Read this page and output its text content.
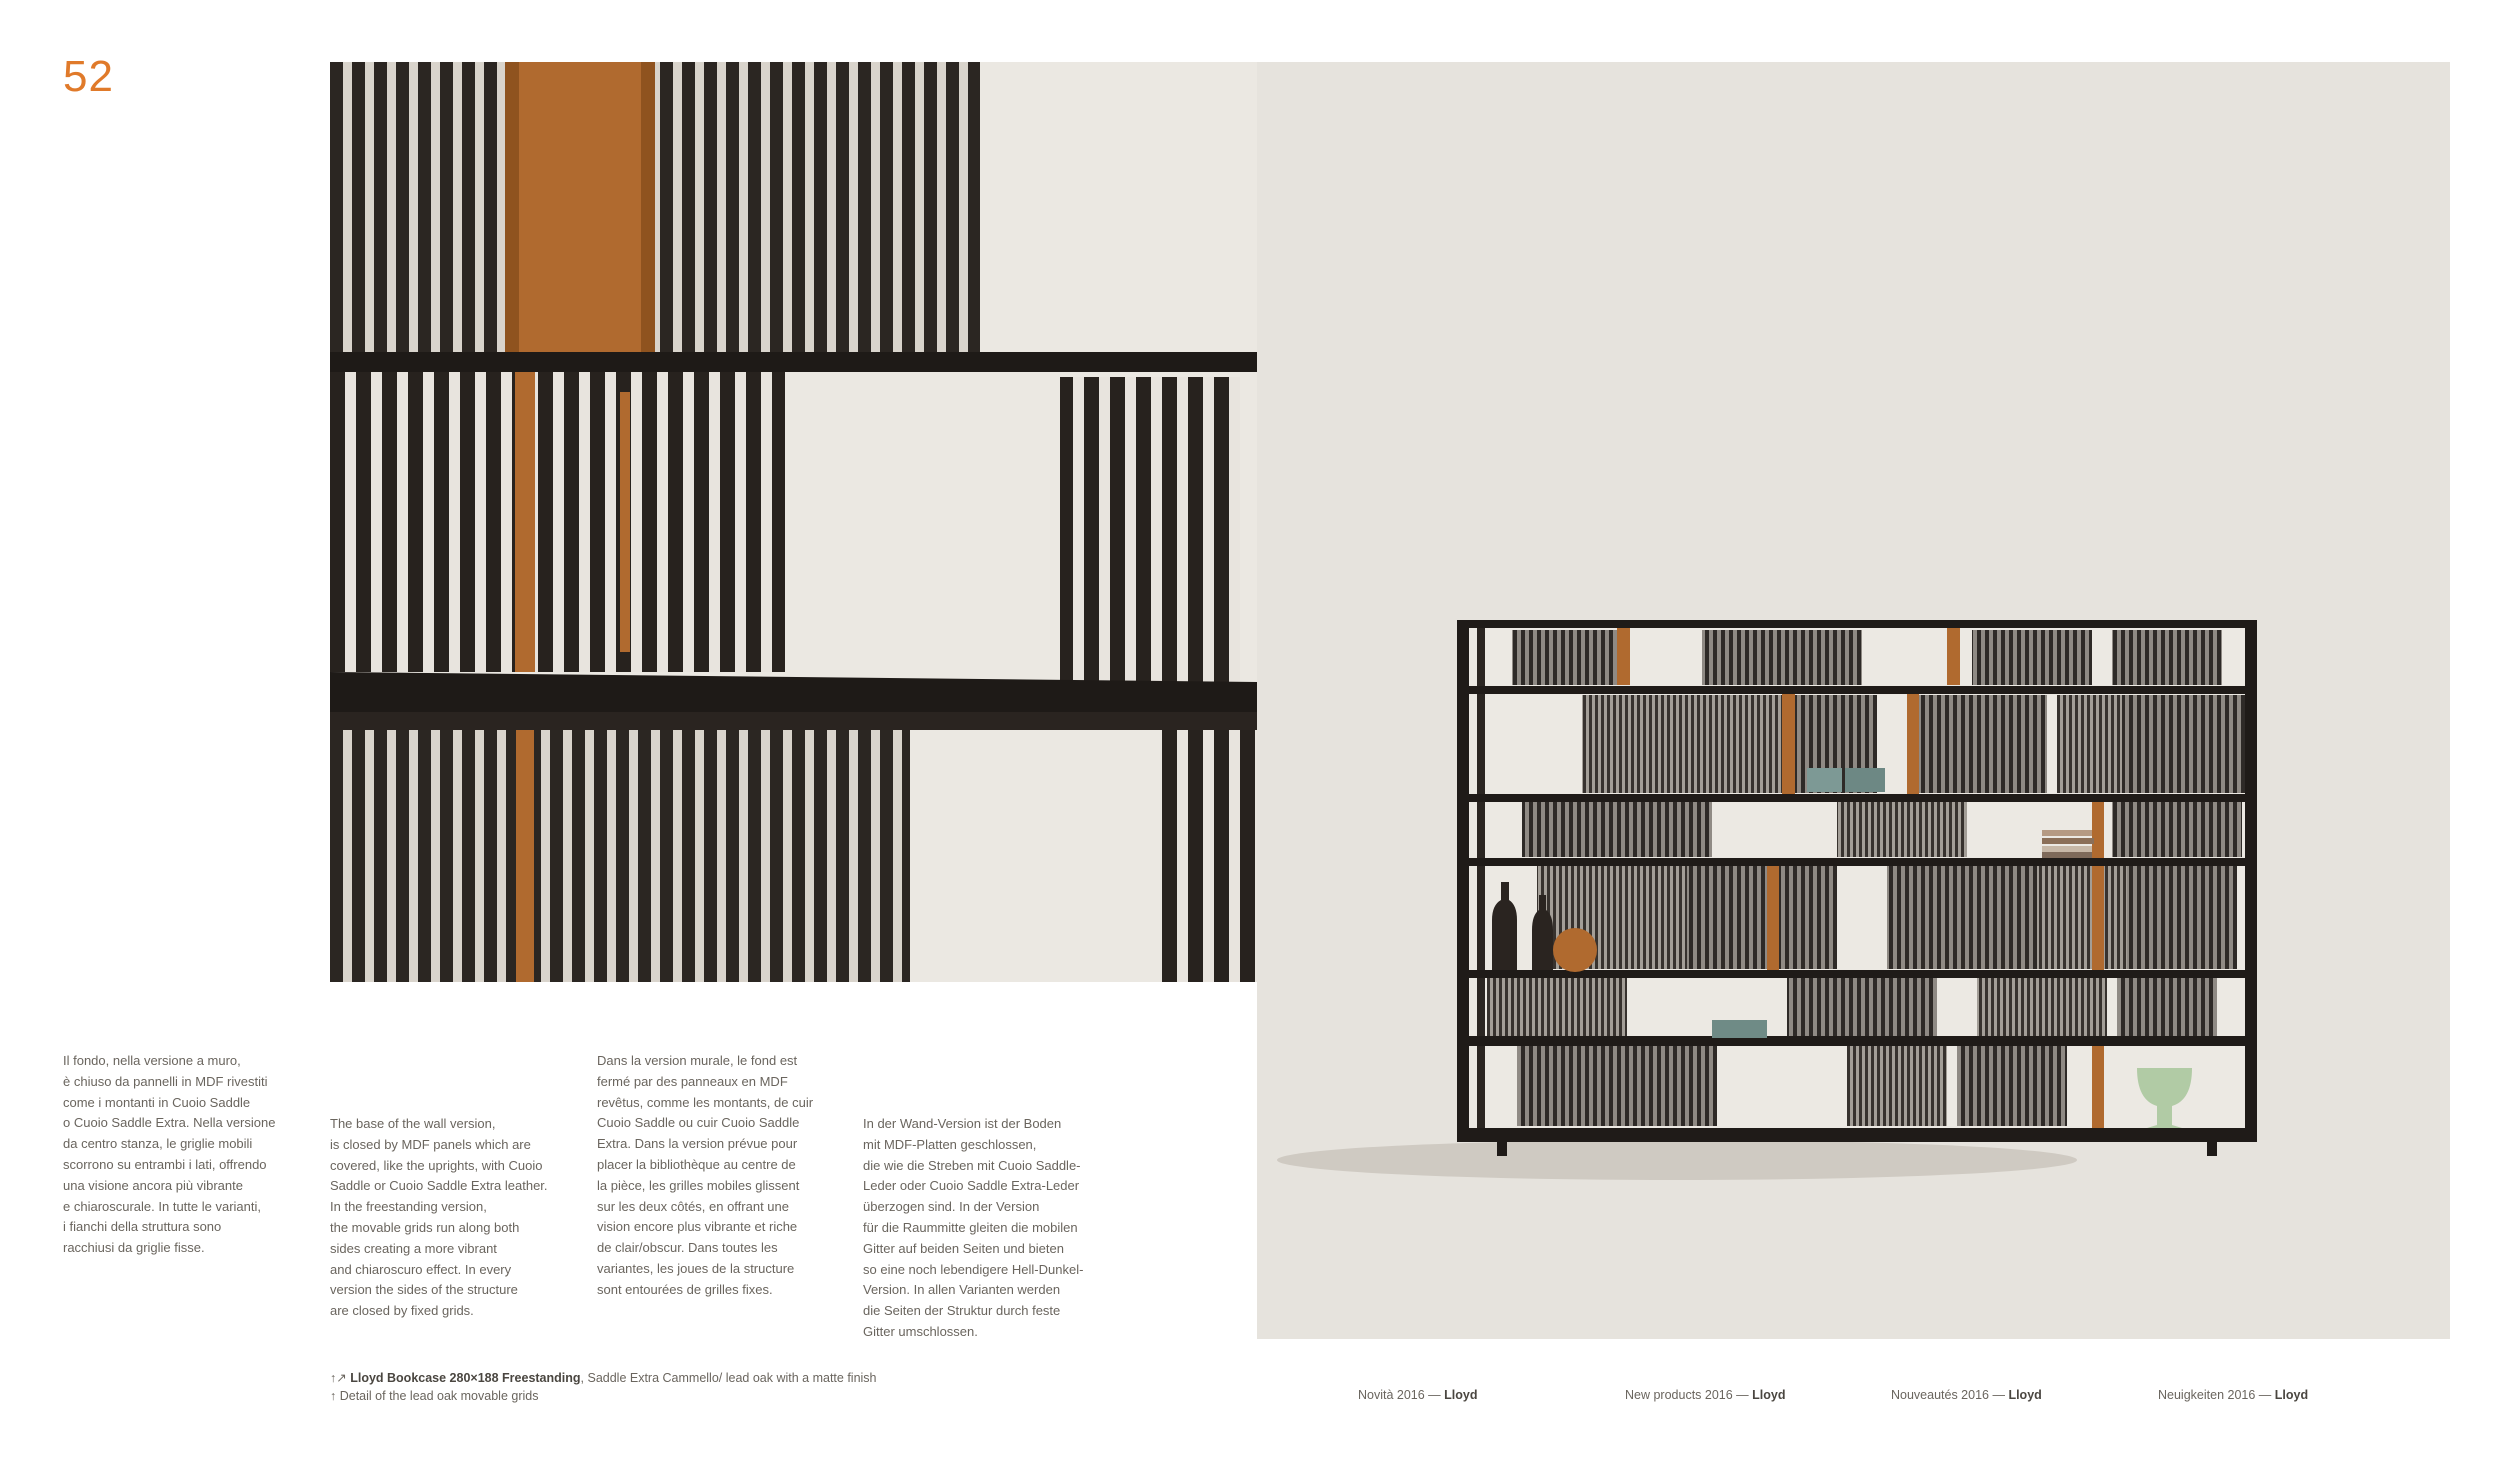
52
Il fondo, nella versione a muro,
è chiuso da pannelli in MDF rivestiti
come i montanti in Cuoio Saddle
o Cuoio Saddle Extra. Nella versione
da centro stanza, le griglie mobili
scorrono su entrambi i lati, offrendo
una visione ancora più vibrante
e chiaroscurale. In tutte le varianti,
i fianchi della struttura sono
racchiusi da griglie fisse.
The base of the wall version,
is closed by MDF panels which are
covered, like the uprights, with Cuoio
Saddle or Cuoio Saddle Extra leather.
In the freestanding version,
the movable grids run along both
sides creating a more vibrant
and chiaroscuro effect. In every
version the sides of the structure
are closed by fixed grids.
Dans la version murale, le fond est
fermé par des panneaux en MDF
revêtus, comme les montants, de cuir
Cuoio Saddle ou cuir Cuoio Saddle
Extra. Dans la version prévue pour
placer la bibliothèque au centre de
la pièce, les grilles mobiles glissent
sur les deux côtés, en offrant une
vision encore plus vibrante et riche
de clair/obscur. Dans toutes les
variantes, les joues de la structure
sont entourées de grilles fixes.
In der Wand-Version ist der Boden
mit MDF-Platten geschlossen,
die wie die Streben mit Cuoio Saddle-
Leder oder Cuoio Saddle Extra-Leder
überzogen sind. In der Version
für die Raummitte gleiten die mobilen
Gitter auf beiden Seiten und bieten
so eine noch lebendigere Hell-Dunkel-
Version. In allen Varianten werden
die Seiten der Struktur durch feste
Gitter umschlossen.
↑↗ Lloyd Bookcase 280×188 Freestanding, Saddle Extra Cammello/ lead oak with a matte finish
↑ Detail of the lead oak movable grids	Novità 2016 — Lloyd	New products 2016 — Lloyd	Nouveautés 2016 — Lloyd	Neuigkeiten 2016 — Lloyd
